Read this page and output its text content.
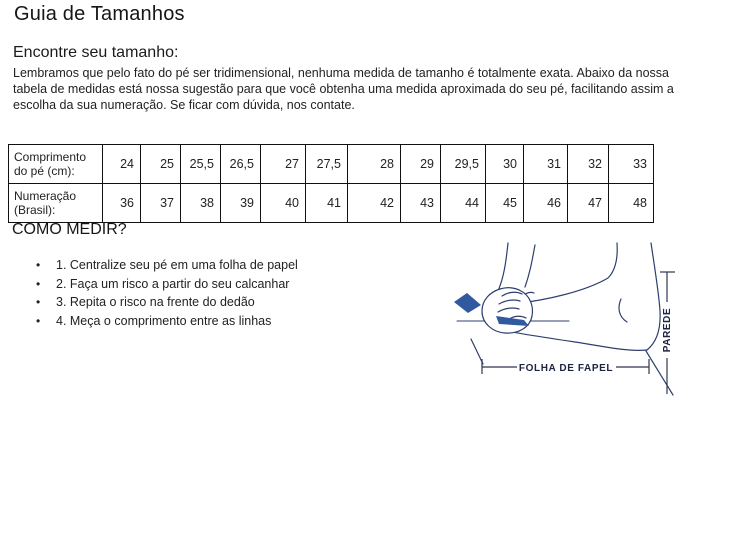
Guia de Tamanhos
Encontre seu tamanho:
Lembramos que pelo fato do pé ser tridimensional, nenhuma medida de tamanho é totalmente exata. Abaixo da nossa tabela de medidas está nossa sugestão para que você obtenha uma medida aproximada do seu pé, facilitando assim a escolha da sua numeração. Se ficar com dúvida, nos contate.
Comprimento do pé (cm):	24	25	25,5	26,5	27	27,5	28	29	29,5	30	31	32	33
Numeração (Brasil):	36	37	38	39	40	41	42	43	44	45	46	47	48
COMO MEDIR?
• 1. Centralize seu pé em uma folha de papel
• 2. Faça um risco a partir do seu calcanhar
• 3. Repita o risco na frente do dedão
• 4. Meça o comprimento entre as linhas
FOLHA DE FAPEL
PAREDE
